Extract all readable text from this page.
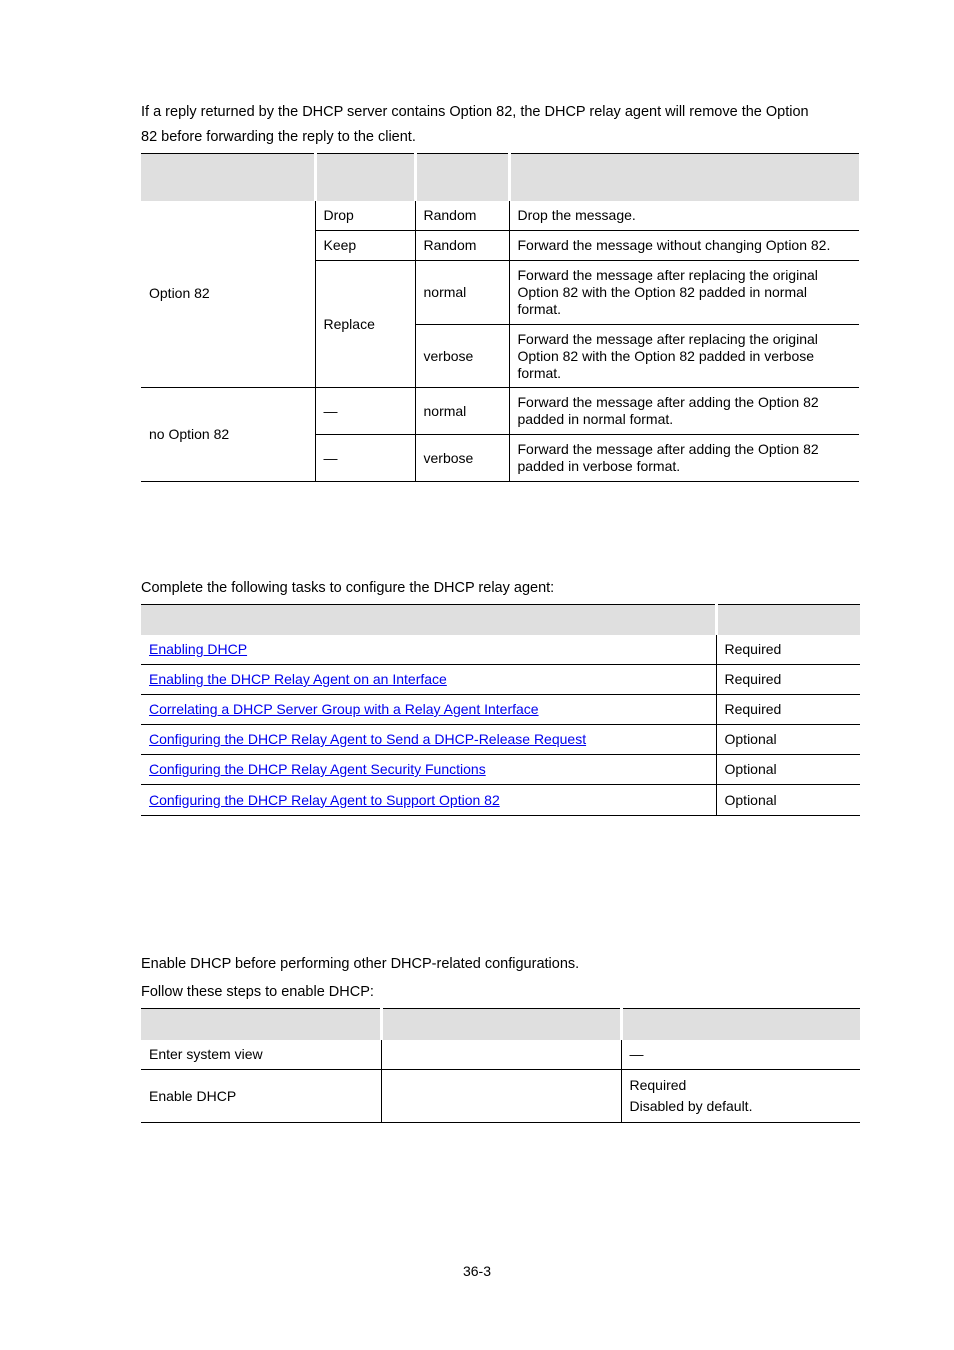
If a reply returned by the DHCP server contains Option 82, the DHCP relay agent will remove the Option
82 before forwarding the reply to the client.

Option 82	Drop	Random	Drop the message.
	Keep	Random	Forward the message without changing Option 82.
	Replace	normal	Forward the message after replacing the original Option 82 with the Option 82 padded in normal format.
		verbose	Forward the message after replacing the original Option 82 with the Option 82 padded in verbose format.
no Option 82	—	normal	Forward the message after adding the Option 82 padded in normal format.
	—	verbose	Forward the message after adding the Option 82 padded in verbose format.

Complete the following tasks to configure the DHCP relay agent:

Enabling DHCP	Required
Enabling the DHCP Relay Agent on an Interface	Required
Correlating a DHCP Server Group with a Relay Agent Interface	Required
Configuring the DHCP Relay Agent to Send a DHCP-Release Request	Optional
Configuring the DHCP Relay Agent Security Functions	Optional
Configuring the DHCP Relay Agent to Support Option 82	Optional

Enable DHCP before performing other DHCP-related configurations.

Follow these steps to enable DHCP:

Enter system view		—
Enable DHCP		Required
Disabled by default.
36-3
